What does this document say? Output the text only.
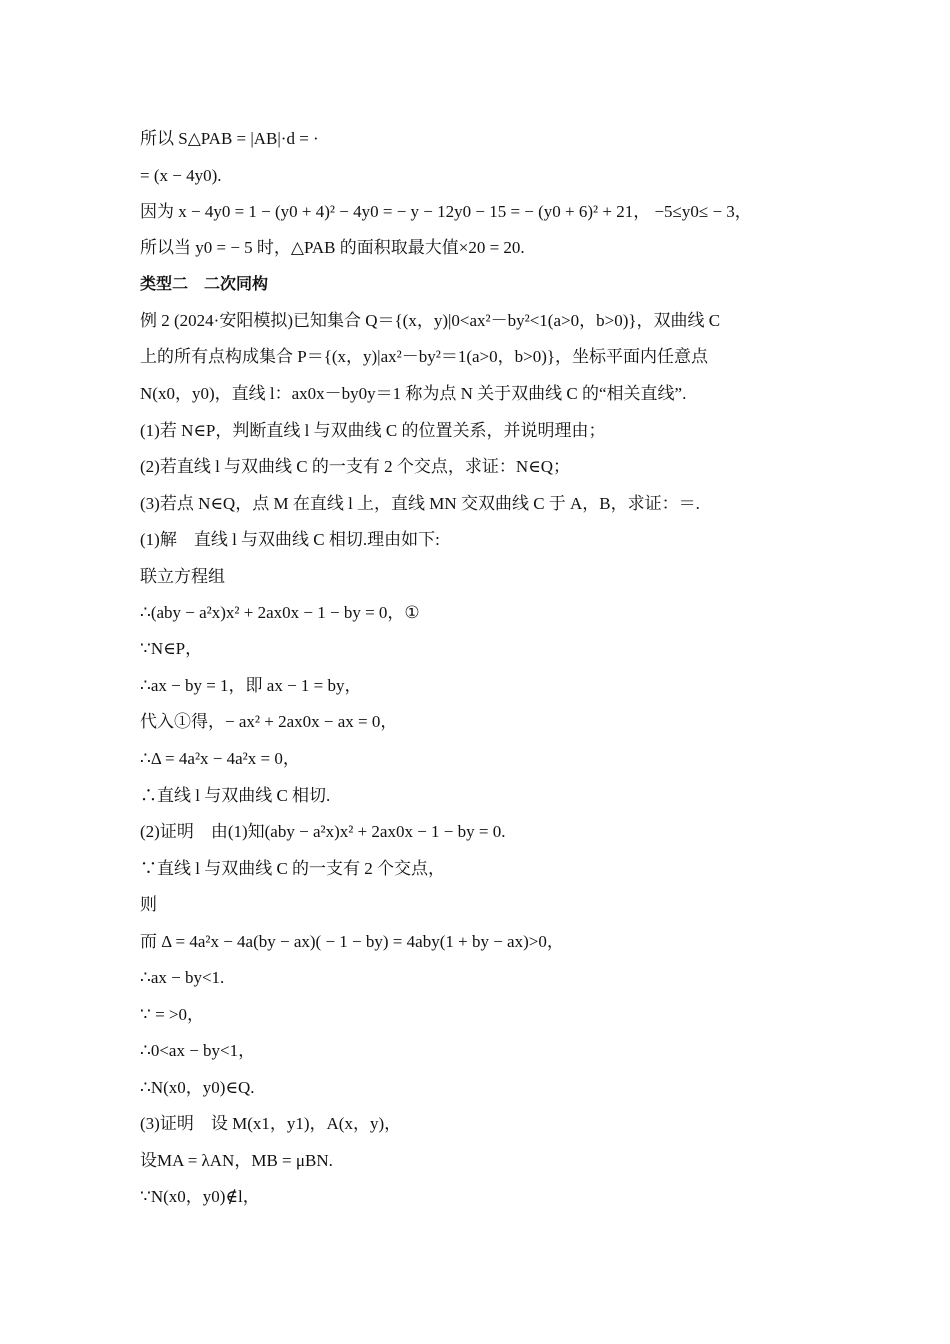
所以 S△PAB = |AB|·d = ·
= (x − 4y0).
因为 x − 4y0 = 1 − (y0 + 4)² − 4y0 = − y − 12y0 − 15 = − (y0 + 6)² + 21， −5≤y0≤ − 3，
所以当 y0 = − 5 时，△PAB 的面积取最大值×20 = 20.
类型二　二次同构
例 2 (2024·安阳模拟)已知集合 Q＝{(x，y)|0<ax²－by²<1(a>0，b>0)}，双曲线 C
上的所有点构成集合 P＝{(x，y)|ax²－by²＝1(a>0，b>0)}，坐标平面内任意点
N(x0，y0)，直线 l：ax0x－by0y＝1 称为点 N 关于双曲线 C 的“相关直线”.
(1)若 N∈P，判断直线 l 与双曲线 C 的位置关系，并说明理由；
(2)若直线 l 与双曲线 C 的一支有 2 个交点，求证：N∈Q；
(3)若点 N∈Q，点 M 在直线 l 上，直线 MN 交双曲线 C 于 A，B，求证：＝.
(1)解　直线 l 与双曲线 C 相切.理由如下:
联立方程组
∴(aby − a²x)x² + 2ax0x − 1 − by = 0，①
∵N∈P，
∴ax − by = 1，即 ax − 1 = by，
代入①得，− ax² + 2ax0x − ax = 0，
∴Δ = 4a²x − 4a²x = 0，
∴直线 l 与双曲线 C 相切.
(2)证明　由(1)知(aby − a²x)x² + 2ax0x − 1 − by = 0.
∵直线 l 与双曲线 C 的一支有 2 个交点，
则
而 Δ = 4a²x − 4a(by − ax)( − 1 − by) = 4aby(1 + by − ax)>0，
∴ax − by<1.
∵ = >0，
∴0<ax − by<1，
∴N(x0，y0)∈Q.
(3)证明　设 M(x1，y1)，A(x，y)，
设MA = λAN，MB = μBN.
∵N(x0，y0)∉l，
